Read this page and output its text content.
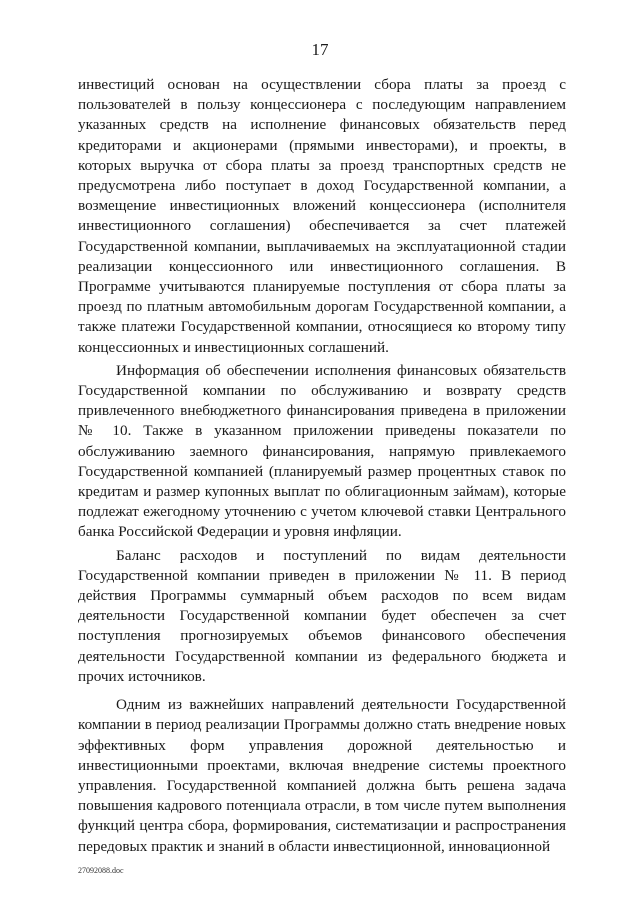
17

инвестиций основан на осуществлении сбора платы за проезд с пользователей в пользу концессионера с последующим направлением указанных средств на исполнение финансовых обязательств перед кредиторами и акционерами (прямыми инвесторами), и проекты, в которых выручка от сбора платы за проезд транспортных средств не предусмотрена либо поступает в доход Государственной компании, а возмещение инвестиционных вложений концессионера (исполнителя инвестиционного соглашения) обеспечивается за счет платежей Государственной компании, выплачиваемых на эксплуатационной стадии реализации концессионного или инвестиционного соглашения. В Программе учитываются планируемые поступления от сбора платы за проезд по платным автомобильным дорогам Государственной компании, а также платежи Государственной компании, относящиеся ко второму типу концессионных и инвестиционных соглашений.

Информация об обеспечении исполнения финансовых обязательств Государственной компании по обслуживанию и возврату средств привлеченного внебюджетного финансирования приведена в приложении № 10. Также в указанном приложении приведены показатели по обслуживанию заемного финансирования, напрямую привлекаемого Государственной компанией (планируемый размер процентных ставок по кредитам и размер купонных выплат по облигационным займам), которые подлежат ежегодному уточнению с учетом ключевой ставки Центрального банка Российской Федерации и уровня инфляции.

Баланс расходов и поступлений по видам деятельности Государственной компании приведен в приложении № 11. В период действия Программы суммарный объем расходов по всем видам деятельности Государственной компании будет обеспечен за счет поступления прогнозируемых объемов финансового обеспечения деятельности Государственной компании из федерального бюджета и прочих источников.

Одним из важнейших направлений деятельности Государственной компании в период реализации Программы должно стать внедрение новых эффективных форм управления дорожной деятельностью и инвестиционными проектами, включая внедрение системы проектного управления. Государственной компанией должна быть решена задача повышения кадрового потенциала отрасли, в том числе путем выполнения функций центра сбора, формирования, систематизации и распространения передовых практик и знаний в области инвестиционной, инновационной

27092088.doc
